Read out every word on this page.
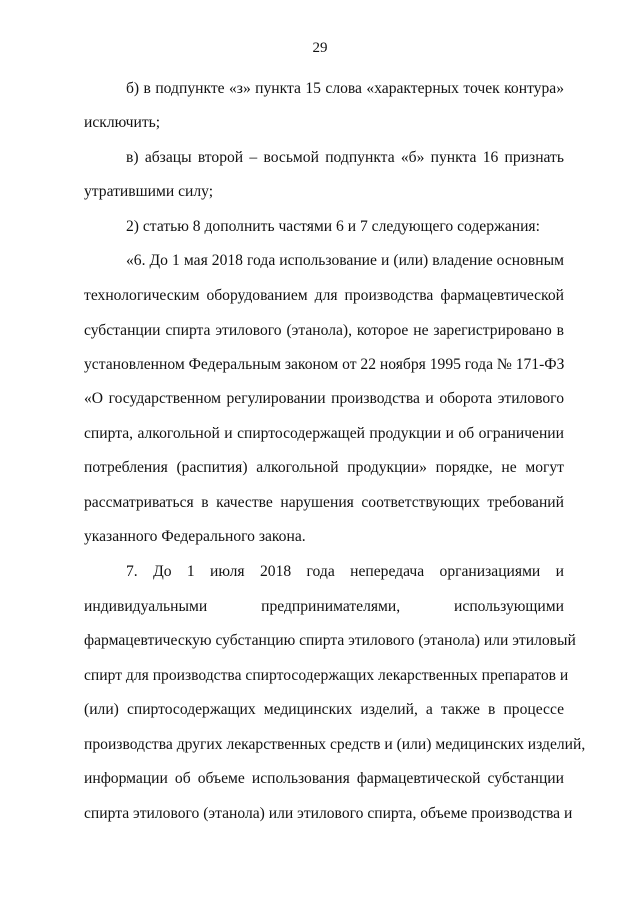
29
б) в подпункте «з» пункта 15 слова «характерных точек контура»
исключить;
в) абзацы второй – восьмой подпункта «б» пункта 16 признать
утратившими силу;
2) статью 8 дополнить частями 6 и 7 следующего содержания:
«6. До 1 мая 2018 года использование и (или) владение основным
технологическим оборудованием для производства фармацевтической
субстанции спирта этилового (этанола), которое не зарегистрировано в
установленном Федеральным законом от 22 ноября 1995 года № 171-ФЗ
«О государственном регулировании производства и оборота этилового
спирта, алкогольной и спиртосодержащей продукции и об ограничении
потребления (распития) алкогольной продукции» порядке, не могут
рассматриваться в качестве нарушения соответствующих требований
указанного Федерального закона.
7. До 1 июля 2018 года непередача организациями и
индивидуальными предпринимателями, использующими
фармацевтическую субстанцию спирта этилового (этанола) или этиловый
спирт для производства спиртосодержащих лекарственных препаратов и
(или) спиртосодержащих медицинских изделий, а также в процессе
производства других лекарственных средств и (или) медицинских изделий,
информации об объеме использования фармацевтической субстанции
спирта этилового (этанола) или этилового спирта, объеме производства и
